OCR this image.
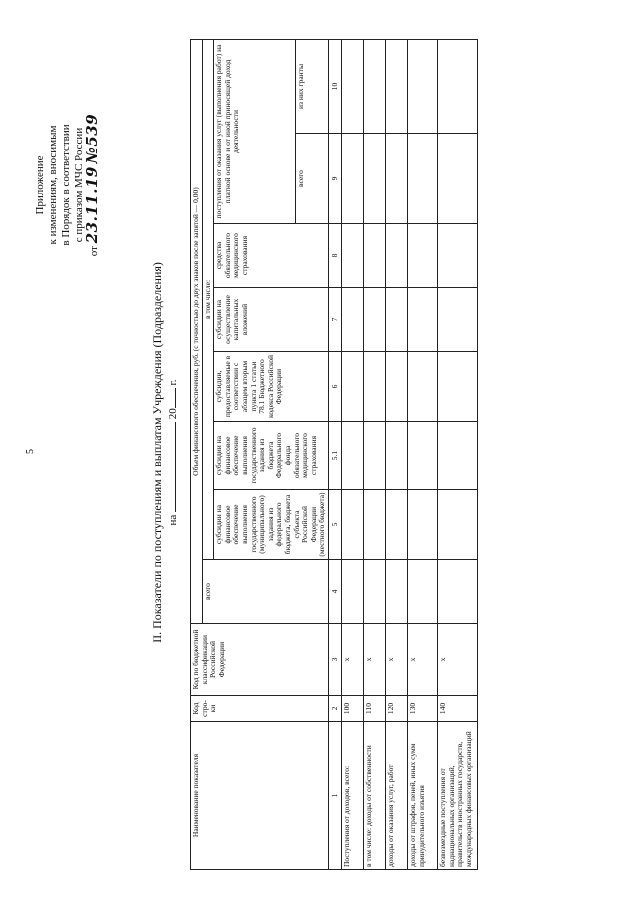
5
Приложение к изменениям, вносимым в Порядок в соответствии с приказом МЧС России
от 23.11.19 №539
II. Показатели по поступлениям и выплатам Учреждения (Подразделения) на  20 г.
Наименование показателя	Код стро-ки	Код по бюджетной классификации Российской Федерации	Объем финансового обеспечения, руб. (с точностью до двух знаков после запятой — 0,00)							
			всего	в том числе:						
				субсидии на финансовое обеспечение выполнения государственного (муниципального) задания из федерального бюджета, бюджета субъекта Российской Федерации (местного бюджета)	субсидии на финансовое обеспечение выполнения государственного задания из бюджета Федерального фонда обязательного медицинского страхования	субсидии, предоставляемые в соответствии с абзацем вторым пункта 1 статьи 78.1 Бюджетного кодекса Российской Федерации	субсидии на осуществление капитальных вложений	средства обязательного медицинского страхования	поступления от оказания услуг (выполнения работ) на платной основе и от иной приносящей доход деятельности	
									всего	из них гранты
1	2	3	4	5	5.1	6	7	8	9	10
Поступления от доходов, всего:	100	x								
в том числе: доходы от собственности	110	x								
доходы от оказания услуг, работ	120	x								
доходы от штрафов, пеней, иных сумм принудительного изъятия	130	x								
безвозмездные поступления от наднациональных организаций, правительств иностранных государств, международных финансовых организаций	140	x								
